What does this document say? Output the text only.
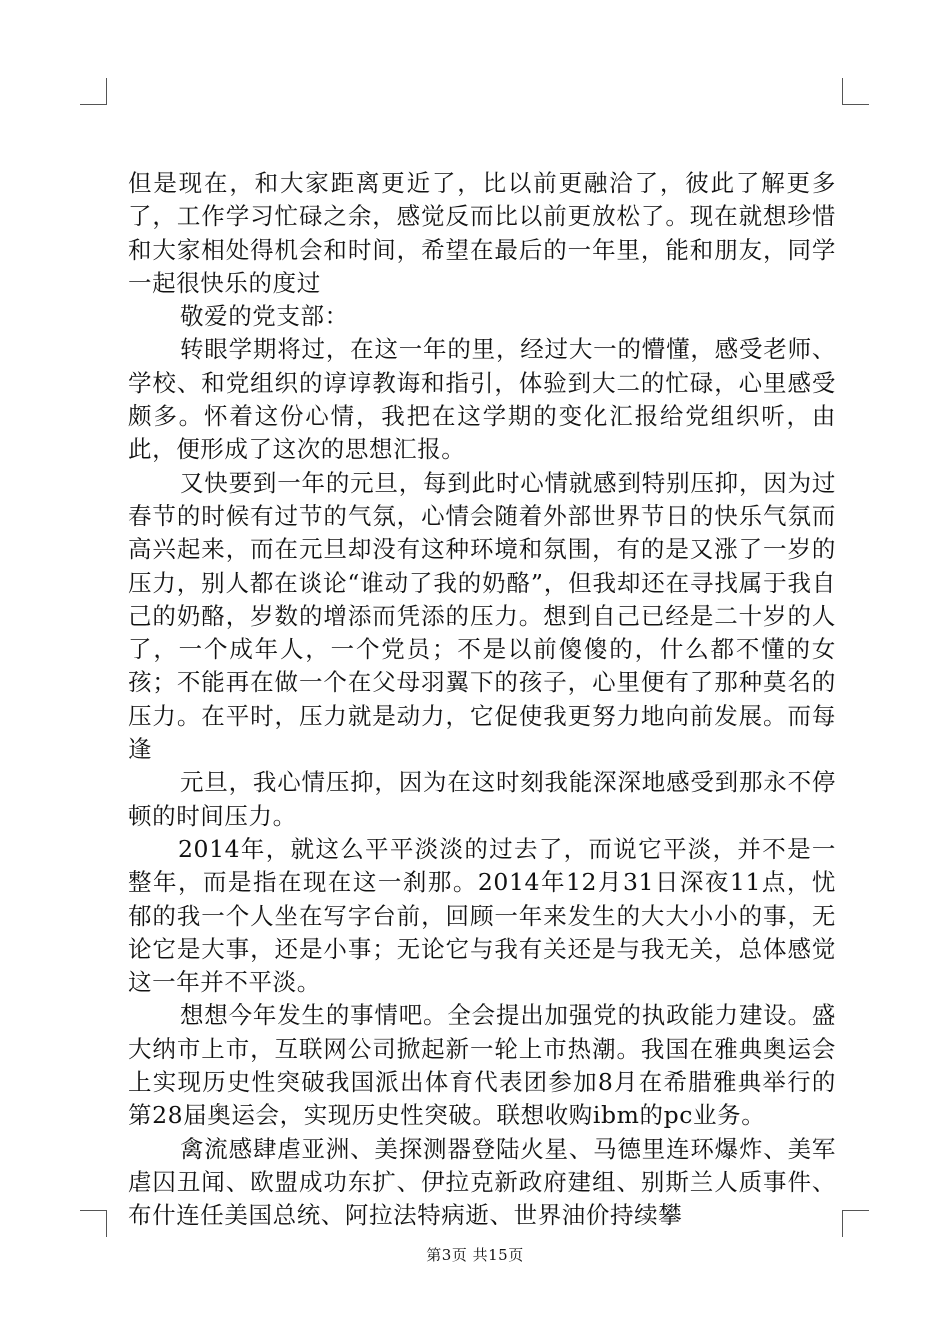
但是现在，和大家距离更近了，比以前更融洽了，彼此了解更多了，工作学习忙碌之余，感觉反而比以前更放松了。现在就想珍惜和大家相处得机会和时间，希望在最后的一年里，能和朋友，同学一起很快乐的度过

敬爱的党支部：

转眼学期将过，在这一年的里，经过大一的懵懂，感受老师、学校、和党组织的谆谆教诲和指引，体验到大二的忙碌，心里感受颇多。怀着这份心情，我把在这学期的变化汇报给党组织听，由此，便形成了这次的思想汇报。

又快要到一年的元旦，每到此时心情就感到特别压抑，因为过春节的时候有过节的气氛，心情会随着外部世界节日的快乐气氛而高兴起来，而在元旦却没有这种环境和氛围，有的是又涨了一岁的压力，别人都在谈论“谁动了我的奶酪”，但我却还在寻找属于我自己的奶酪，岁数的增添而凭添的压力。想到自己已经是二十岁的人了，一个成年人，一个党员；不是以前傻傻的，什么都不懂的女孩；不能再在做一个在父母羽翼下的孩子，心里便有了那种莫名的压力。在平时，压力就是动力，它促使我更努力地向前发展。而每逢

元旦，我心情压抑，因为在这时刻我能深深地感受到那永不停顿的时间压力。

2014年，就这么平平淡淡的过去了，而说它平淡，并不是一整年，而是指在现在这一刹那。2014年12月31日深夜11点，忧郁的我一个人坐在写字台前，回顾一年来发生的大大小小的事，无论它是大事，还是小事；无论它与我有关还是与我无关，总体感觉这一年并不平淡。

想想今年发生的事情吧。全会提出加强党的执政能力建设。盛大纳市上市，互联网公司掀起新一轮上市热潮。我国在雅典奥运会上实现历史性突破我国派出体育代表团参加8月在希腊雅典举行的第28届奥运会，实现历史性突破。联想收购ibm的pc业务。

禽流感肆虐亚洲、美探测器登陆火星、马德里连环爆炸、美军虐囚丑闻、欧盟成功东扩、伊拉克新政府建组、别斯兰人质事件、布什连任美国总统、阿拉法特病逝、世界油价持续攀

第3页 共15页
